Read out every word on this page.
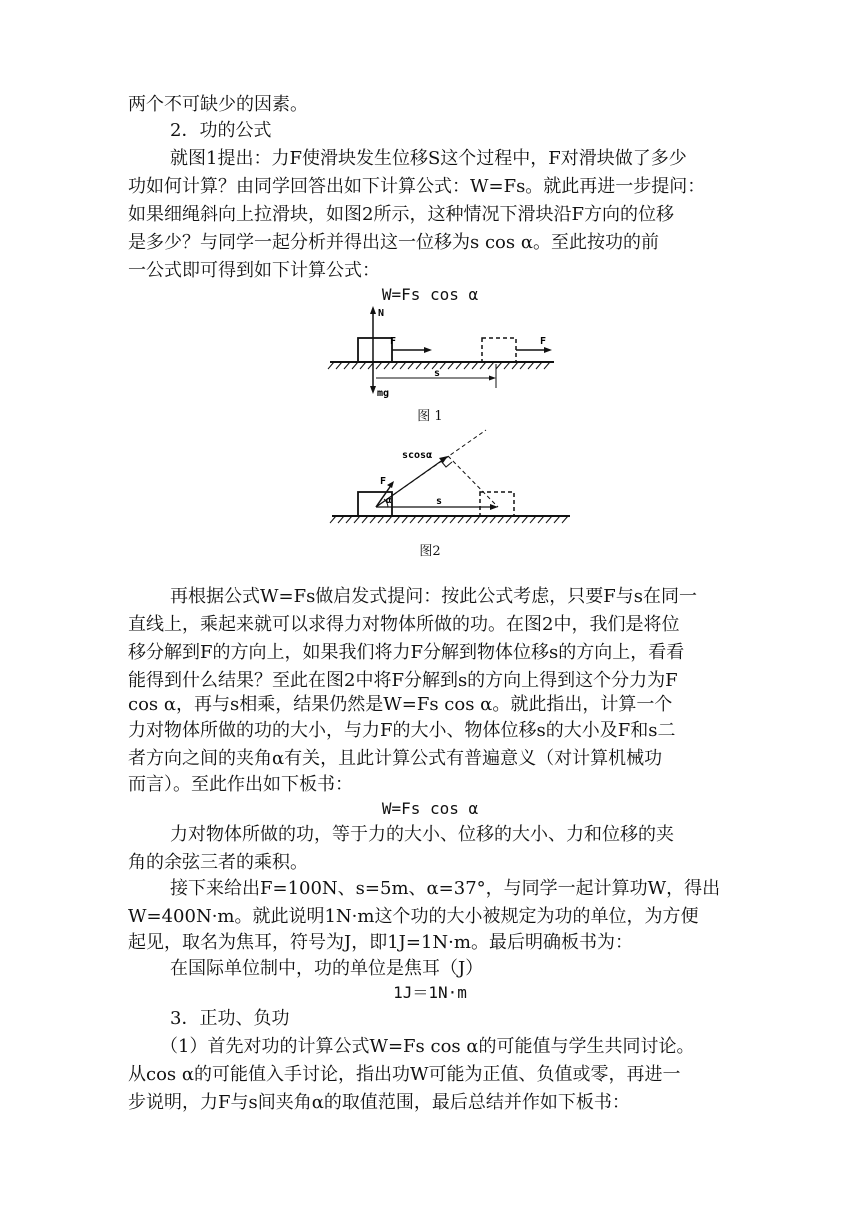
两个不可缺少的因素。
2．功的公式
就图1提出：力F使滑块发生位移S这个过程中，F对滑块做了多少
功如何计算？由同学回答出如下计算公式：W=Fs。就此再进一步提问：
如果细绳斜向上拉滑块，如图2所示，这种情况下滑块沿F方向的位移
是多少？与同学一起分析并得出这一位移为s cos α。至此按功的前
一公式即可得到如下计算公式：
W=Fs cos α
N
mg
F	F
s
图 1
scosα
F
α	s
图2
再根据公式W=Fs做启发式提问：按此公式考虑，只要F与s在同一
直线上，乘起来就可以求得力对物体所做的功。在图2中，我们是将位
移分解到F的方向上，如果我们将力F分解到物体位移s的方向上，看看
能得到什么结果？至此在图2中将F分解到s的方向上得到这个分力为F
cos α，再与s相乘，结果仍然是W=Fs cos α。就此指出，计算一个
力对物体所做的功的大小，与力F的大小、物体位移s的大小及F和s二
者方向之间的夹角α有关，且此计算公式有普遍意义（对计算机械功
而言）。至此作出如下板书：
W=Fs cos α
力对物体所做的功，等于力的大小、位移的大小、力和位移的夹
角的余弦三者的乘积。
接下来给出F=100N、s=5m、α=37°，与同学一起计算功W，得出
W=400N·m。就此说明1N·m这个功的大小被规定为功的单位，为方便
起见，取名为焦耳，符号为J，即1J=1N·m。最后明确板书为：
在国际单位制中，功的单位是焦耳（J）
1J＝1N·m
3．正功、负功
（1）首先对功的计算公式W=Fs cos α的可能值与学生共同讨论。
从cos α的可能值入手讨论，指出功W可能为正值、负值或零，再进一
步说明，力F与s间夹角α的取值范围，最后总结并作如下板书：
